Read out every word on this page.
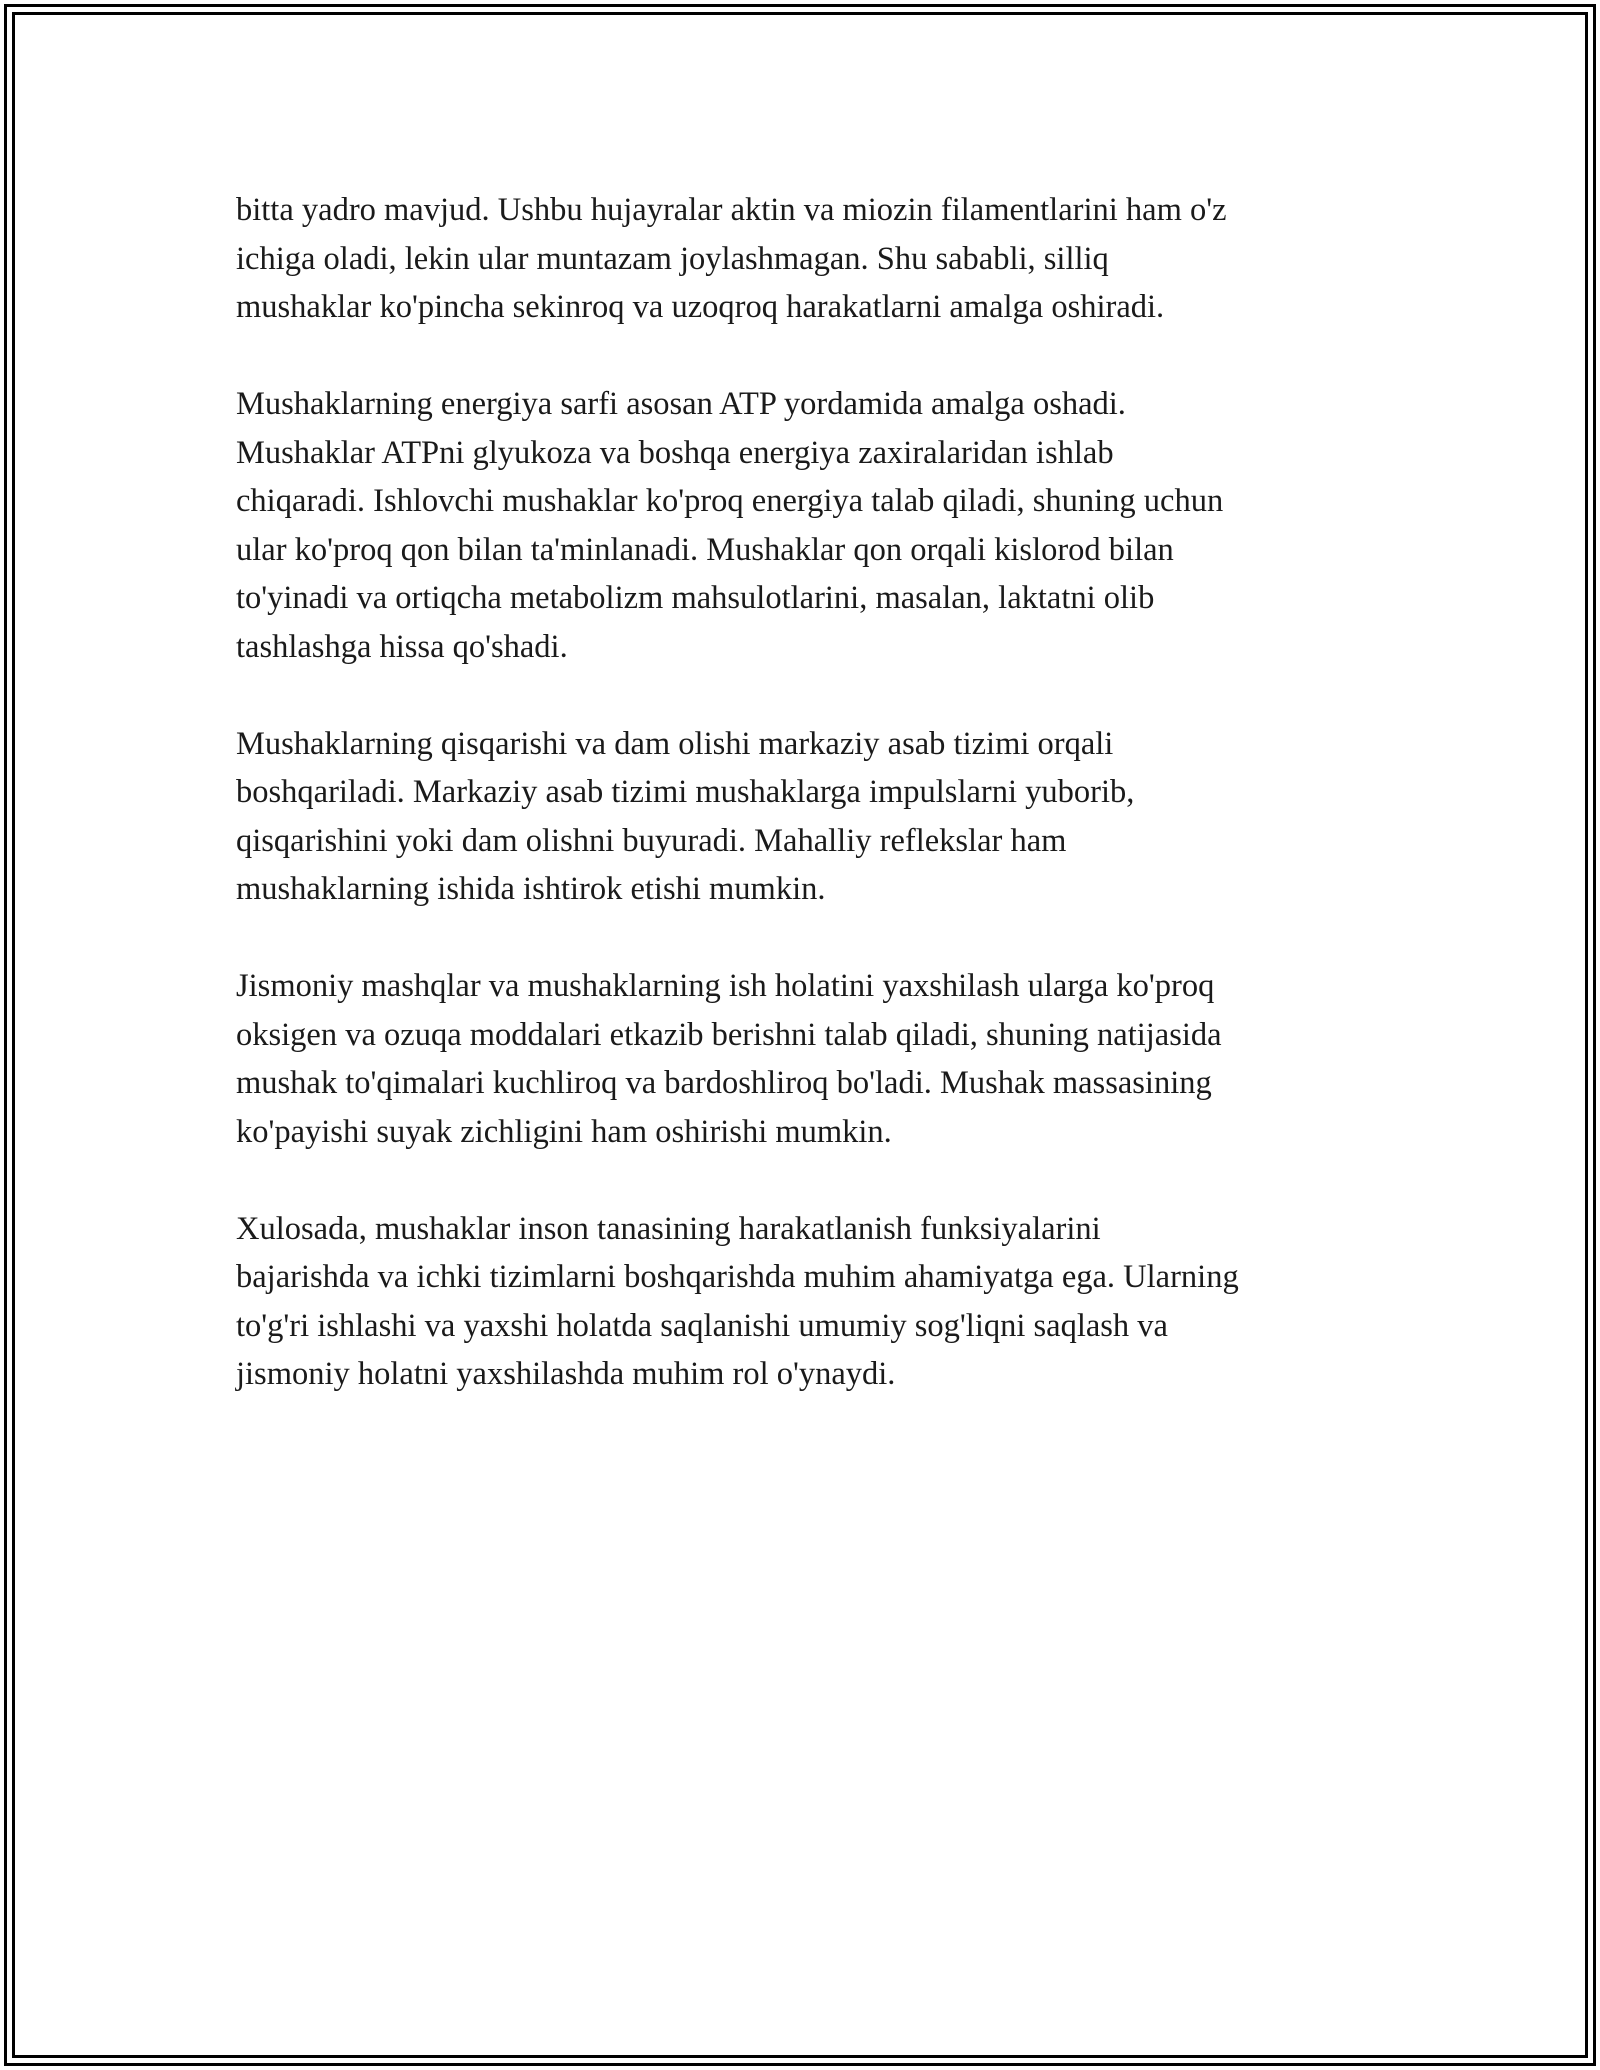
bitta yadro mavjud. Ushbu hujayralar aktin va miozin filamentlarini ham o'z
ichiga oladi, lekin ular muntazam joylashmagan. Shu sababli, silliq
mushaklar ko'pincha sekinroq va uzoqroq harakatlarni amalga oshiradi.

Mushaklarning energiya sarfi asosan ATP yordamida amalga oshadi.
Mushaklar ATPni glyukoza va boshqa energiya zaxiralaridan ishlab
chiqaradi. Ishlovchi mushaklar ko'proq energiya talab qiladi, shuning uchun
ular ko'proq qon bilan ta'minlanadi. Mushaklar qon orqali kislorod bilan
to'yinadi va ortiqcha metabolizm mahsulotlarini, masalan, laktatni olib
tashlashga hissa qo'shadi.

Mushaklarning qisqarishi va dam olishi markaziy asab tizimi orqali
boshqariladi. Markaziy asab tizimi mushaklarga impulslarni yuborib,
qisqarishini yoki dam olishni buyuradi. Mahalliy reflekslar ham
mushaklarning ishida ishtirok etishi mumkin.

Jismoniy mashqlar va mushaklarning ish holatini yaxshilash ularga ko'proq
oksigen va ozuqa moddalari etkazib berishni talab qiladi, shuning natijasida
mushak to'qimalari kuchliroq va bardoshliroq bo'ladi. Mushak massasining
ko'payishi suyak zichligini ham oshirishi mumkin.

Xulosada, mushaklar inson tanasining harakatlanish funksiyalarini
bajarishda va ichki tizimlarni boshqarishda muhim ahamiyatga ega. Ularning
to'g'ri ishlashi va yaxshi holatda saqlanishi umumiy sog'liqni saqlash va
jismoniy holatni yaxshilashda muhim rol o'ynaydi.
